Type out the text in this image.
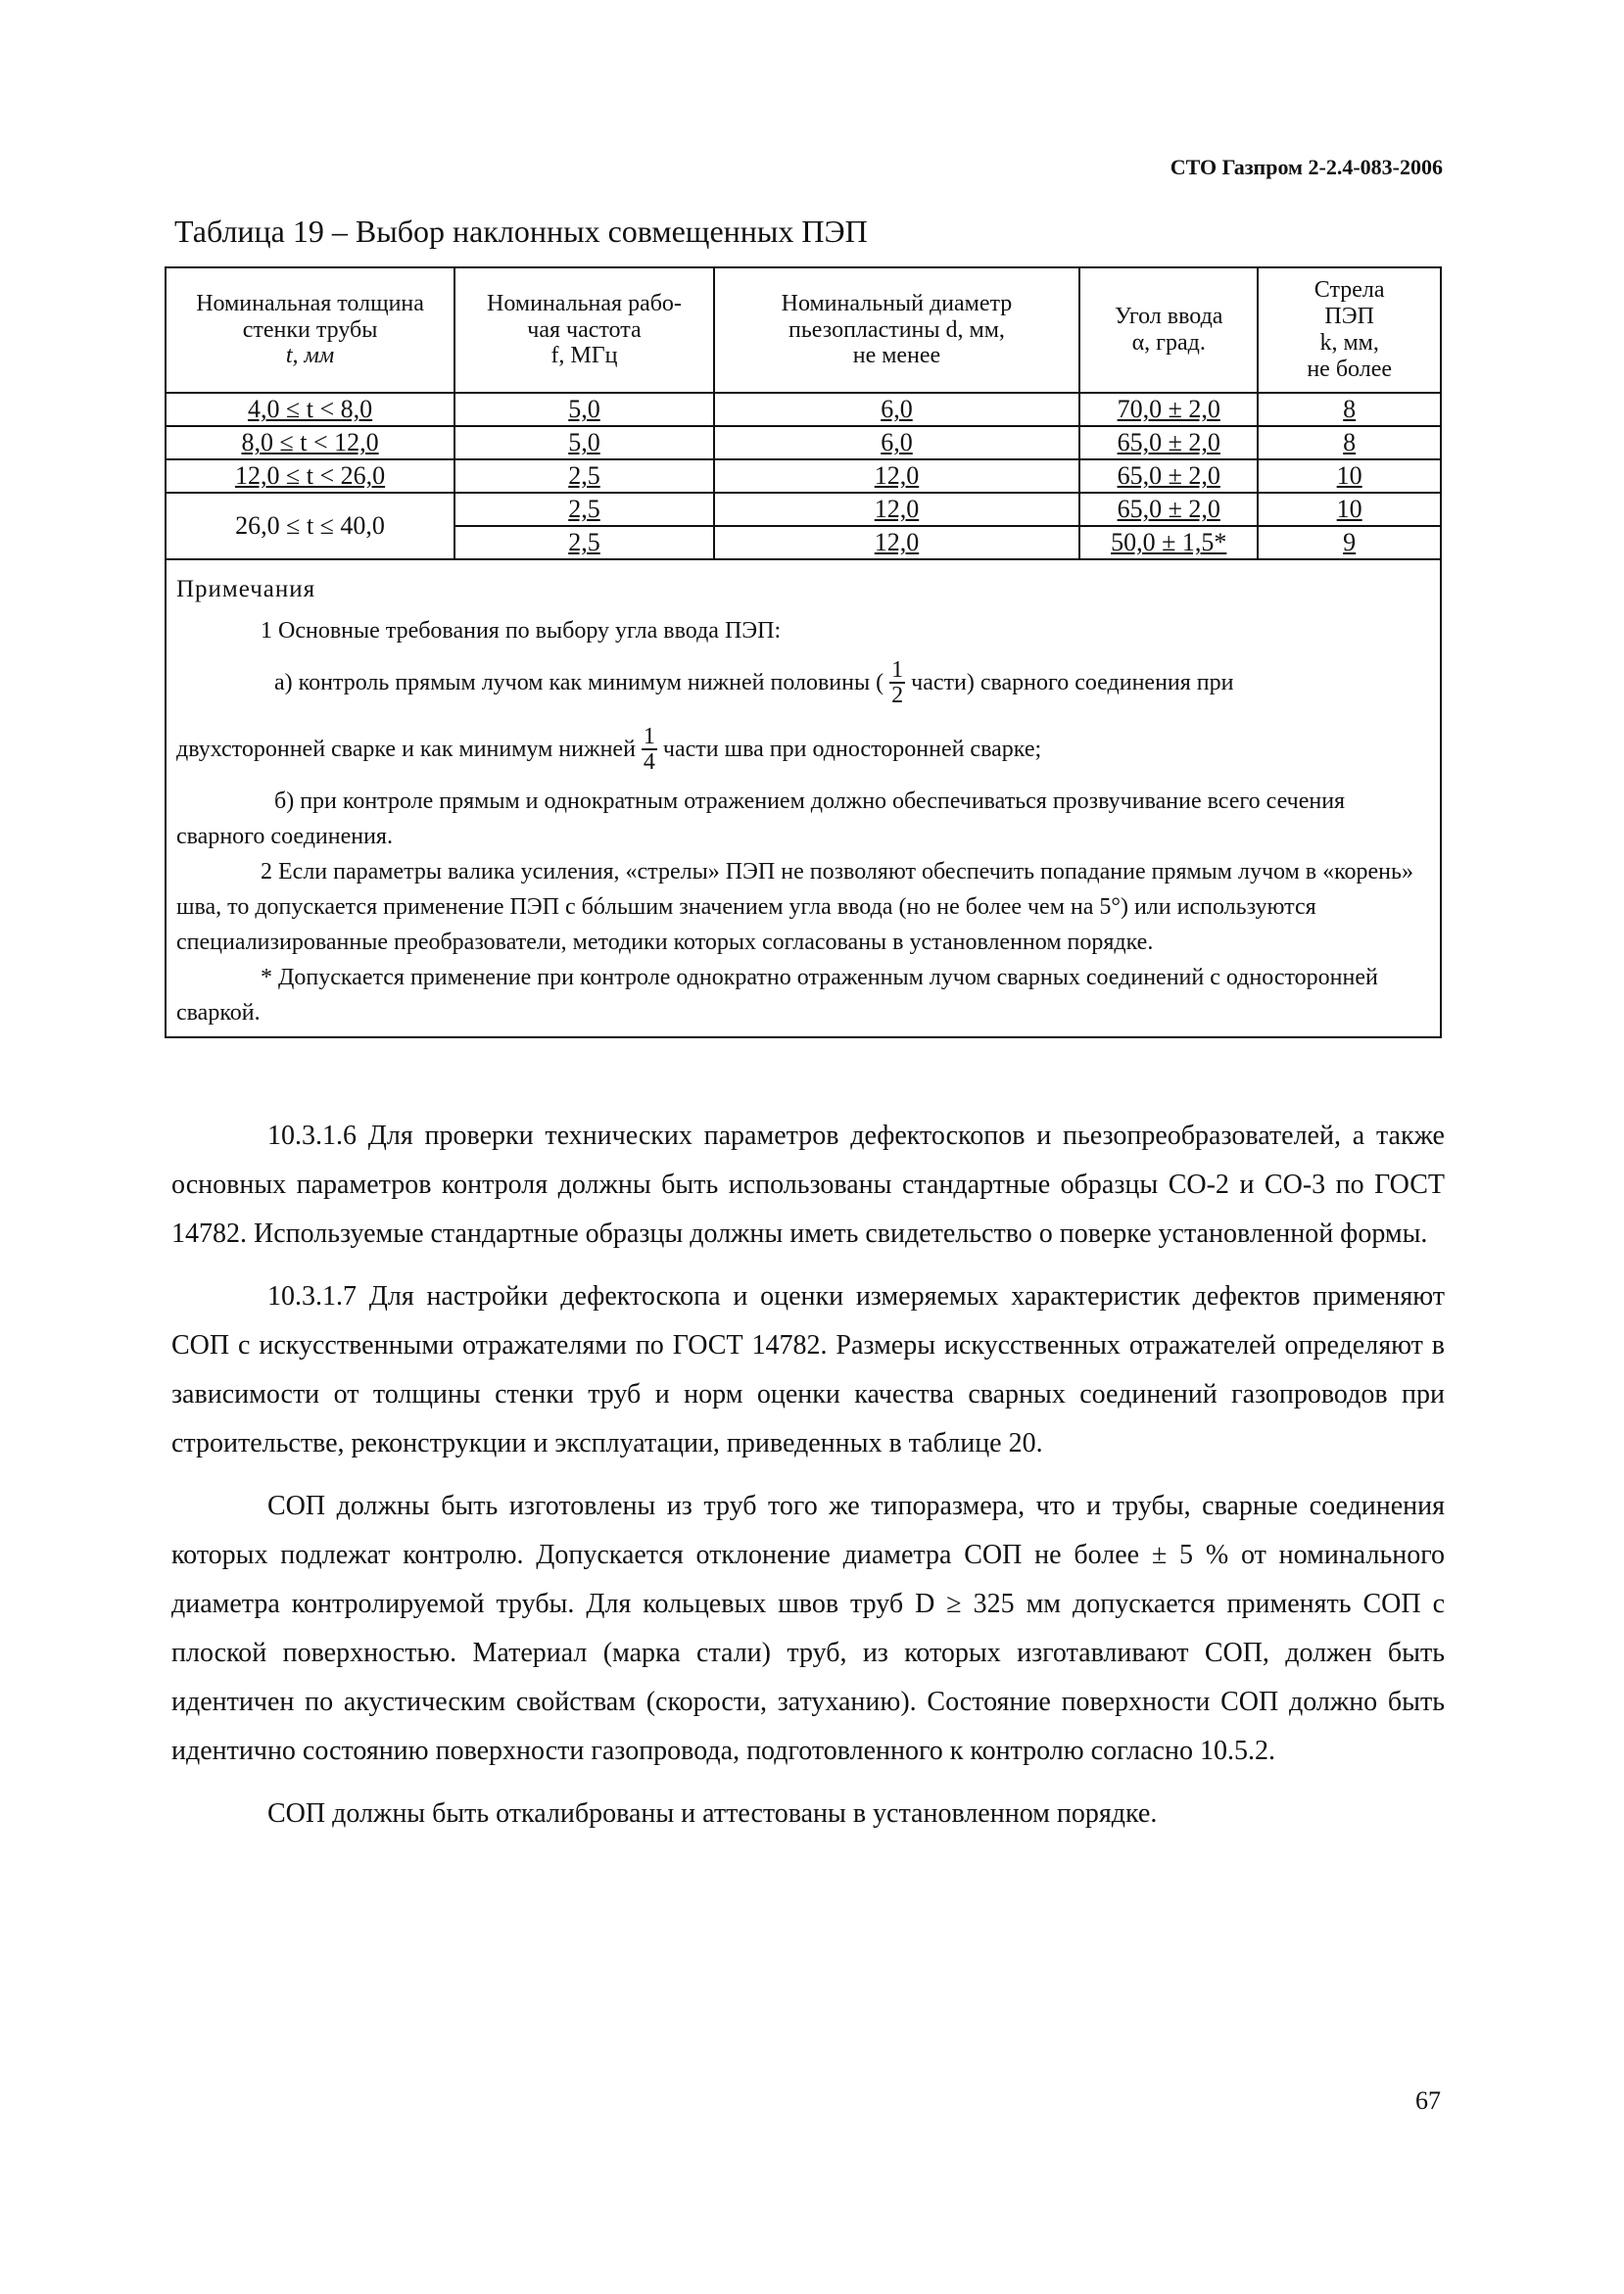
СТО Газпром 2-2.4-083-2006
Таблица 19 – Выбор наклонных совмещенных ПЭП
Номинальная толщина
стенки трубы
t, мм	Номинальная рабо-
чая частота
f, МГц	Номинальный диаметр
пьезопластины d, мм,
не менее	Угол ввода
α, град.	Стрела
ПЭП
k, мм,
не более
4,0 ≤ t < 8,0	5,0	6,0	70,0 ± 2,0	8
8,0 ≤ t < 12,0	5,0	6,0	65,0 ± 2,0	8
12,0 ≤ t < 26,0	2,5	12,0	65,0 ± 2,0	10
26,0 ≤ t ≤ 40,0	2,5	12,0	65,0 ± 2,0	10
	2,5	12,0	50,0 ± 1,5*	9
Примечания

1 Основные требования по выбору угла ввода ПЭП:

а) контроль прямым лучом как минимум нижней половины ( $\frac{1}{2}$ части) сварного соединения при

двухсторонней сварке и как минимум нижней $\frac{1}{4}$ части шва при односторонней сварке;

б) при контроле прямым и однократным отражением должно обеспечиваться прозвучивание всего сечения сварного соединения.

2 Если параметры валика усиления, «стрелы» ПЭП не позволяют обеспечить попадание прямым лучом в «корень» шва, то допускается применение ПЭП с бóльшим значением угла ввода (но не более чем на 5°) или используются специализированные преобразователи, методики которых согласованы в установленном порядке.

* Допускается применение при контроле однократно отраженным лучом сварных соединений с односторонней сваркой.

10.3.1.6 Для проверки технических параметров дефектоскопов и пьезопреобразователей, а также основных параметров контроля должны быть использованы стандартные образцы СО-2 и СО-3 по ГОСТ 14782. Используемые стандартные образцы должны иметь свидетельство о поверке установленной формы.

10.3.1.7 Для настройки дефектоскопа и оценки измеряемых характеристик дефектов применяют СОП с искусственными отражателями по ГОСТ 14782. Размеры искусственных отражателей определяют в зависимости от толщины стенки труб и норм оценки качества сварных соединений газопроводов при строительстве, реконструкции и эксплуатации, приведенных в таблице 20.

СОП должны быть изготовлены из труб того же типоразмера, что и трубы, сварные соединения которых подлежат контролю. Допускается отклонение диаметра СОП не более ± 5 % от номинального диаметра контролируемой трубы. Для кольцевых швов труб D ≥ 325 мм допускается применять СОП с плоской поверхностью. Материал (марка стали) труб, из которых изготавливают СОП, должен быть идентичен по акустическим свойствам (скорости, затуханию). Состояние поверхности СОП должно быть идентично состоянию поверхности газопровода, подготовленного к контролю согласно 10.5.2.

СОП должны быть откалиброваны и аттестованы в установленном порядке.

67
